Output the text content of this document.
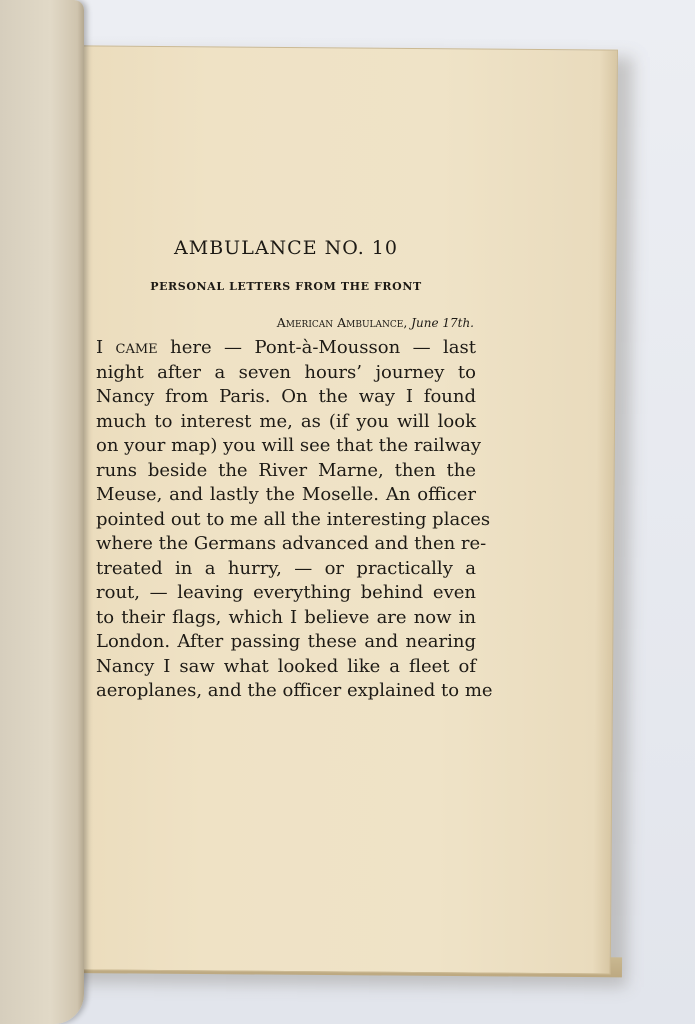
AMBULANCE NO. 10
PERSONAL LETTERS FROM THE FRONT
American Ambulance, June 17th.
I came here — Pont-à-Mousson — last
night after a seven hours’ journey to
Nancy from Paris. On the way I found
much to interest me, as (if you will look
on your map) you will see that the railway
runs beside the River Marne, then the
Meuse, and lastly the Moselle. An officer
pointed out to me all the interesting places
where the Germans advanced and then re-
treated in a hurry, — or practically a
rout, — leaving everything behind even
to their flags, which I believe are now in
London. After passing these and nearing
Nancy I saw what looked like a fleet of
aeroplanes, and the officer explained to me
